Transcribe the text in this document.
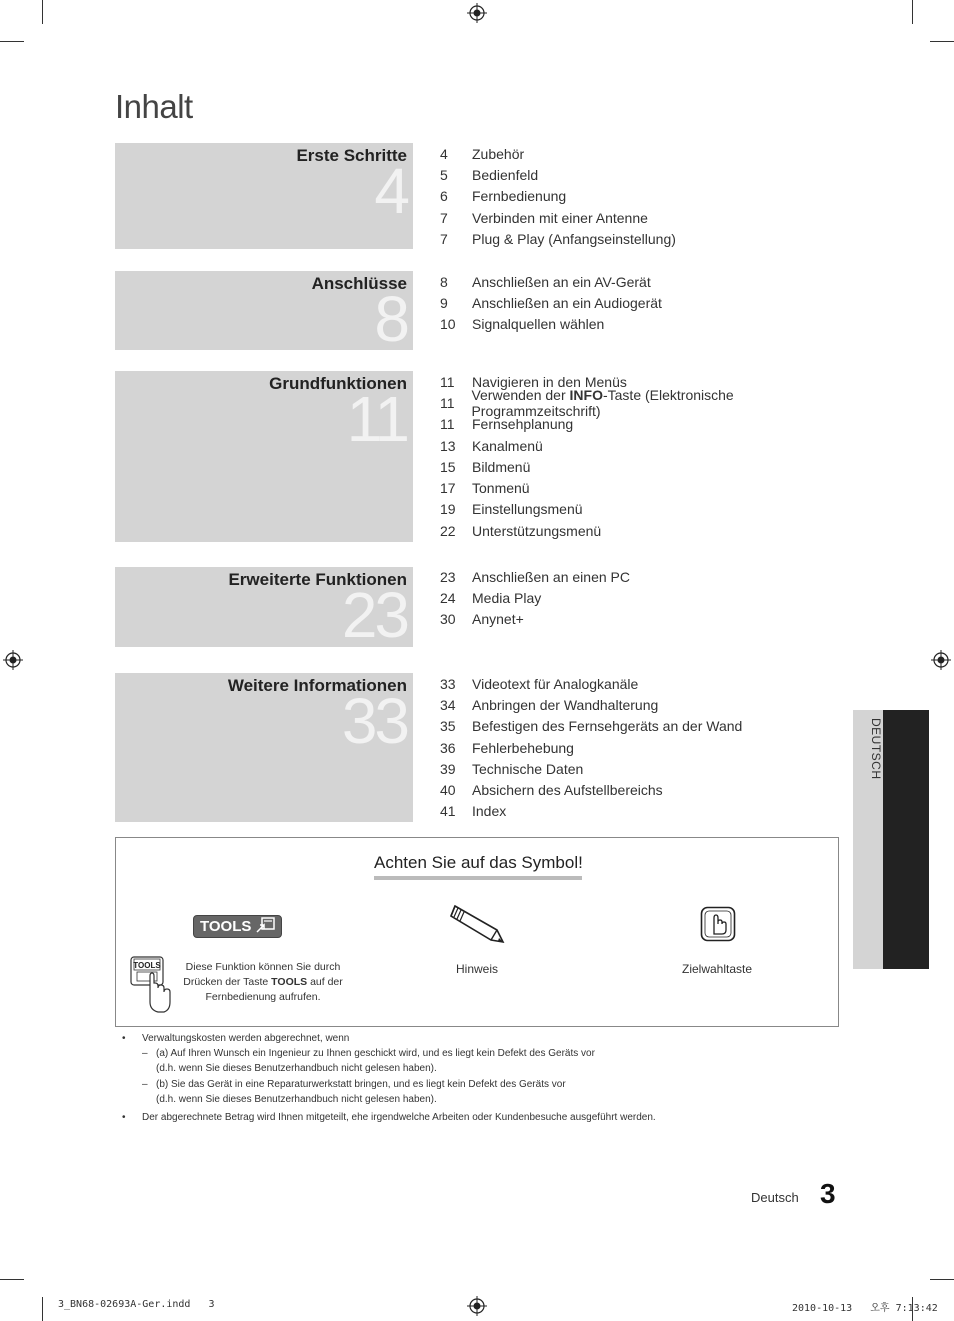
Inhalt
4
Erste Schritte
8
Anschlüsse
11
Grundfunktionen
23
Erweiterte Funktionen
33
Weitere Informationen
4	Zubehör
5	Bedienfeld
6	Fernbedienung
7	Verbinden mit einer Antenne
7	Plug & Play (Anfangseinstellung)
8	Anschließen an ein AV-Gerät
9	Anschließen an ein Audiogerät
10	Signalquellen wählen
11	Navigieren in den Menüs
11	Verwenden der INFO-Taste (Elektronische Programmzeitschrift)
11	Fernsehplanung
13	Kanalmenü
15	Bildmenü
17	Tonmenü
19	Einstellungsmenü
22	Unterstützungsmenü
23	Anschließen an einen PC
24	Media Play
30	Anynet+
33	Videotext für Analogkanäle
34	Anbringen der Wandhalterung
35	Befestigen des Fernsehgeräts an der Wand
36	Fehlerbehebung
39	Technische Daten
40	Absichern des Aufstellbereichs
41	Index
Achten Sie auf das Symbol!
TOOLS
TOOLS	Diese Funktion können Sie durch Drücken der Taste TOOLS auf der Fernbedienung aufrufen.
Hinweis	Zielwahltaste
• Verwaltungskosten werden abgerechnet, wenn
– (a) Auf Ihren Wunsch ein Ingenieur zu Ihnen geschickt wird, und es liegt kein Defekt des Geräts vor
(d.h. wenn Sie dieses Benutzerhandbuch nicht gelesen haben).
– (b) Sie das Gerät in eine Reparaturwerkstatt bringen, und es liegt kein Defekt des Geräts vor
(d.h. wenn Sie dieses Benutzerhandbuch nicht gelesen haben).
• Der abgerechnete Betrag wird Ihnen mitgeteilt, ehe irgendwelche Arbeiten oder Kundenbesuche ausgeführt werden.
DEUTSCH
Deutsch 3
3_BN68-02693A-Ger.indd   3	2010-10-13   오후 7:13:42
